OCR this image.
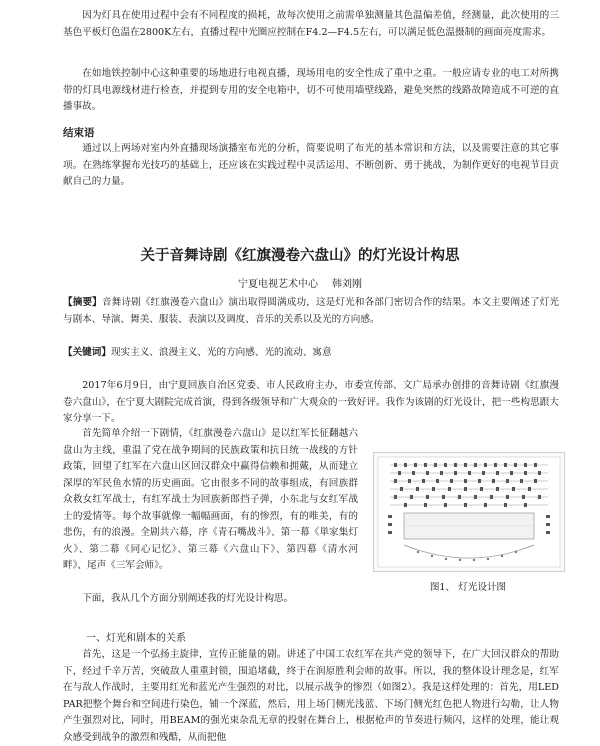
因为灯具在使用过程中会有不同程度的损耗，故每次使用之前需单独测量其色温偏差值，经测量，此次使用的三基色平板灯色温在2800K左右，直播过程中光圈应控制在F4.2—F4.5左右，可以满足低色温摄制的画面亮度需求。

在如地铁控制中心这种重要的场地进行电视直播，现场用电的安全性成了重中之重。一般应请专业的电工对所携带的灯具电源线材进行检查，并提到专用的安全电箱中，切不可使用墙壁线路，避免突然的线路故障造成不可逆的直播事故。

结束语

通过以上两场对室内外直播现场演播室布光的分析，简要说明了布光的基本常识和方法，以及需要注意的其它事项。在熟练掌握布光技巧的基础上，还应该在实践过程中灵活运用、不断创新、勇于挑战，为制作更好的电视节目贡献自己的力量。

关于音舞诗剧《红旗漫卷六盘山》的灯光设计构思

宁夏电视艺术中心 韩刘刚

【摘要】音舞诗剧《红旗漫卷六盘山》演出取得圆满成功，这是灯光和各部门密切合作的结果。本文主要阐述了灯光与剧本、导演、舞美、服装、表演以及调度、音乐的关系以及光的方向感。

【关键词】现实主义、浪漫主义、光的方向感、光的流动、寓意

2017年6月9日，由宁夏回族自治区党委、市人民政府主办，市委宣传部、文广局承办创排的音舞诗剧《红旗漫卷六盘山》，在宁夏大剧院完成首演，得到各级领导和广大观众的一致好评。我作为该剧的灯光设计，把一些构思跟大家分享一下。

首先简单介绍一下剧情，《红旗漫卷六盘山》是以红军长征翻越六盘山为主线，重温了党在战争期间的民族政策和抗日统一战线的方针政策，回望了红军在六盘山区回汉群众中赢得信赖和拥戴，从而建立深厚的军民鱼水情的历史画面。它由很多不同的故事组成，有回族群众救女红军战士，有红军战士为回族新郎挡子弹，小东北与女红军战士的爱情等。每个故事就像一幅幅画面，有的惨烈，有的唯美，有的悲伤，有的浪漫。全剧共六幕，序《青石嘴战斗》、第一幕《単家集灯火》、第二幕《同心记忆》、第三幕《六盘山下》、第四幕《清水河畔》、尾声《三军会师》。

图1、 灯光设计图

下面，我从几个方面分别阐述我的灯光设计构思。

一、灯光和剧本的关系

首先，这是一个弘扬主旋律，宣传正能量的剧。讲述了中国工农红军在共产党的领导下，在广大回汉群众的帮助下，经过千辛万苦，突破敌人重重封锁，围追堵截，终于在润原胜利会师的故事。所以，我的整体设计理念是，红军在与敌人作战时，主要用红光和蓝光产生强烈的对比，以展示战争的惨烈（如图2）。我是这样处理的：首先，用LED PAR把整个舞台和空间进行染色，铺一个深蓝，然后，用上场门侧光浅蓝、下场门侧光红色把人物进行勾勒，让人物产生强烈对比，同时，用BEAM的强光束杂乱无章的投射在舞台上，根据枪声的节奏进行频闪，这样的处理，能让观众感受到战争的激烈和残酷，从而把他
